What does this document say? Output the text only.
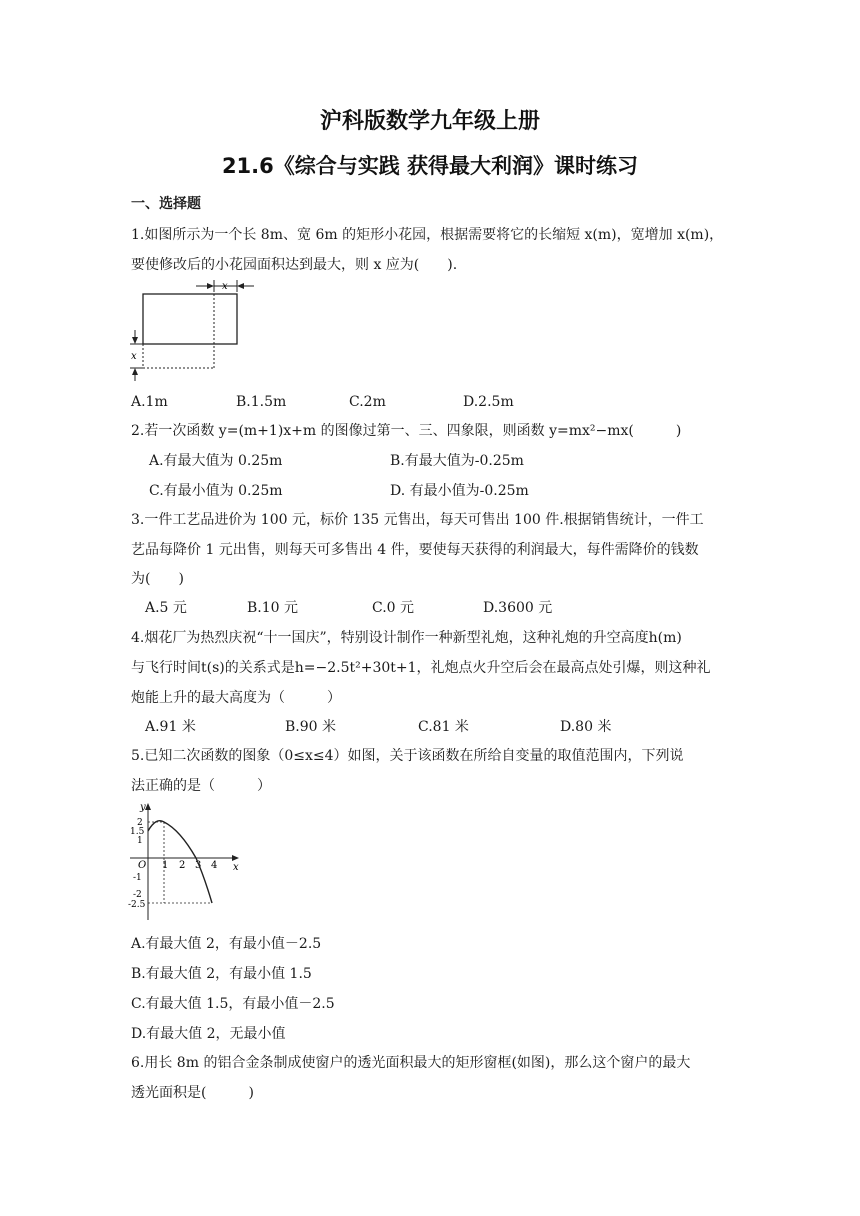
沪科版数学九年级上册
21.6《综合与实践 获得最大利润》课时练习
一、选择题
1.如图所示为一个长 8m、宽 6m 的矩形小花园，根据需要将它的长缩短 x(m)，宽增加 x(m)，
要使修改后的小花园面积达到最大，则 x 应为(　　).
x
x
A.1m	B.1.5m	C.2m	D.2.5m
2.若一次函数 y=(m+1)x+m 的图像过第一、三、四象限，则函数 y=mx²−mx(　　　)
A.有最大值为 0.25m	B.有最大值为-0.25m
C.有最小值为 0.25m	D. 有最小值为-0.25m
3.一件工艺品进价为 100 元，标价 135 元售出，每天可售出 100 件.根据销售统计，一件工
艺品每降价 1 元出售，则每天可多售出 4 件，要使每天获得的利润最大，每件需降价的钱数
为(　　)
A.5 元	B.10 元	C.0 元	D.3600 元
4.烟花厂为热烈庆祝“十一国庆”，特别设计制作一种新型礼炮，这种礼炮的升空高度h(m)
与飞行时间t(s)的关系式是h=−2.5t²+30t+1，礼炮点火升空后会在最高点处引爆，则这种礼
炮能上升的最大高度为（　　　）
A.91 米	B.90 米	C.81 米	D.80 米
5.已知二次函数的图象（0≤x≤4）如图，关于该函数在所给自变量的取值范围内，下列说
法正确的是（　　　）
y
x
O 1 2 3 4
2
1.5
1
-1
-2
-2.5
A.有最大值 2，有最小值－2.5
B.有最大值 2，有最小值 1.5
C.有最大值 1.5，有最小值－2.5
D.有最大值 2，无最小值
6.用长 8m 的铝合金条制成使窗户的透光面积最大的矩形窗框(如图)，那么这个窗户的最大
透光面积是(　　　)
